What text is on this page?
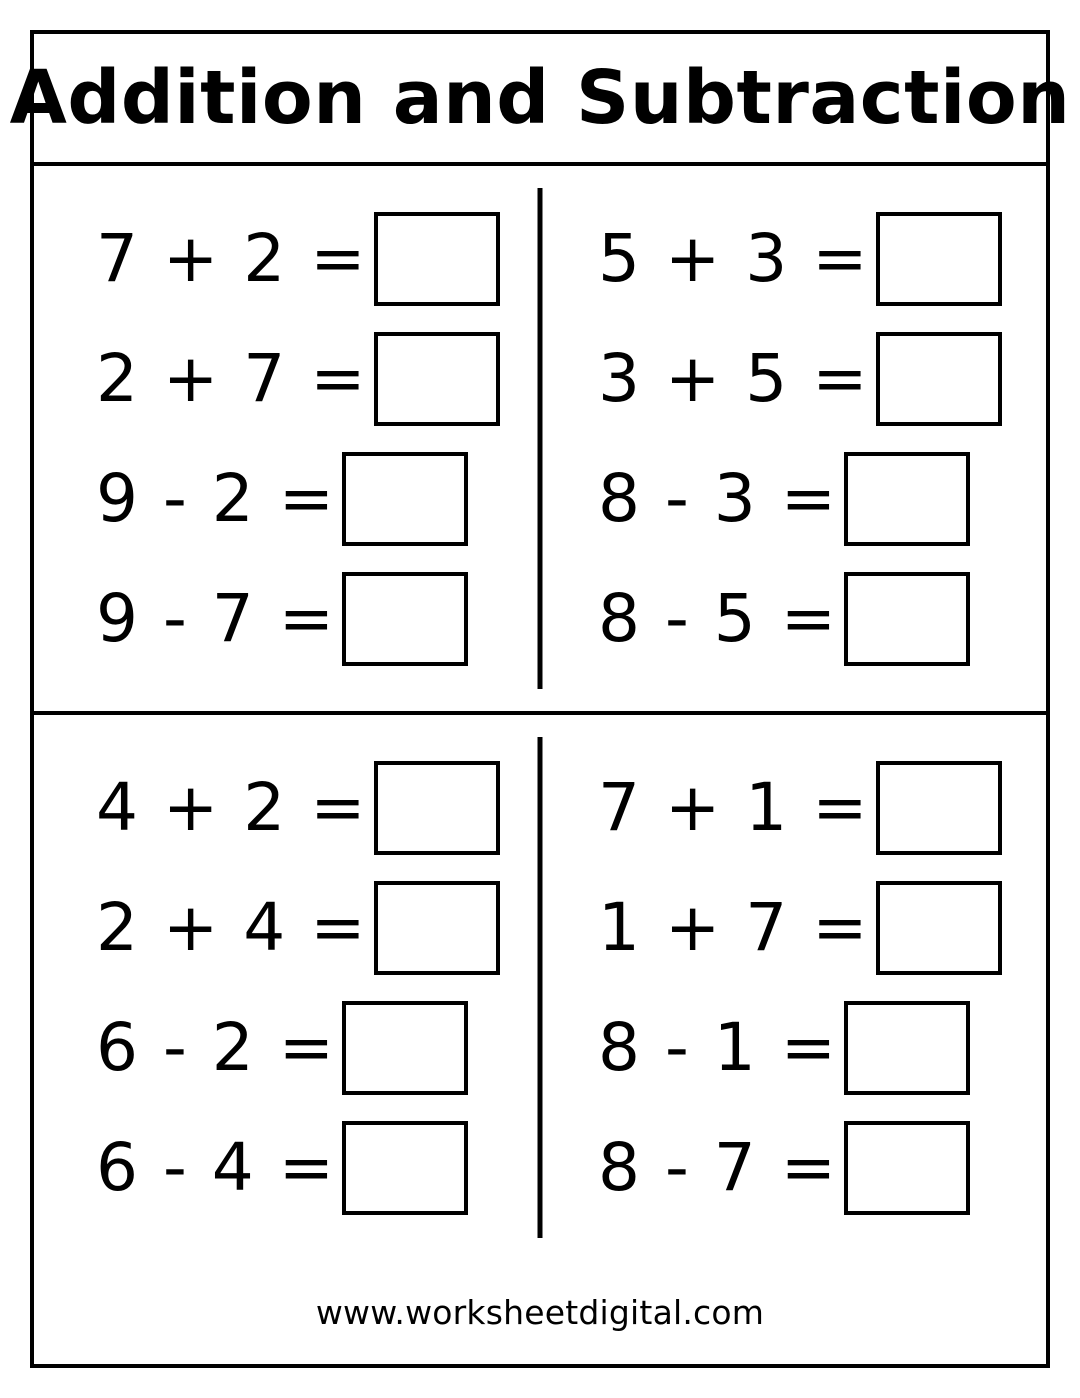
Addition and Subtraction
7 + 2 =
2 + 7 =
9 - 2 =
9 - 7 =
5 + 3 =
3 + 5 =
8 - 3 =
8 - 5 =
4 + 2 =
2 + 4 =
6 - 2 =
6 - 4 =
7 + 1 =
1 + 7 =
8 - 1 =
8 - 7 =
www.worksheetdigital.com
